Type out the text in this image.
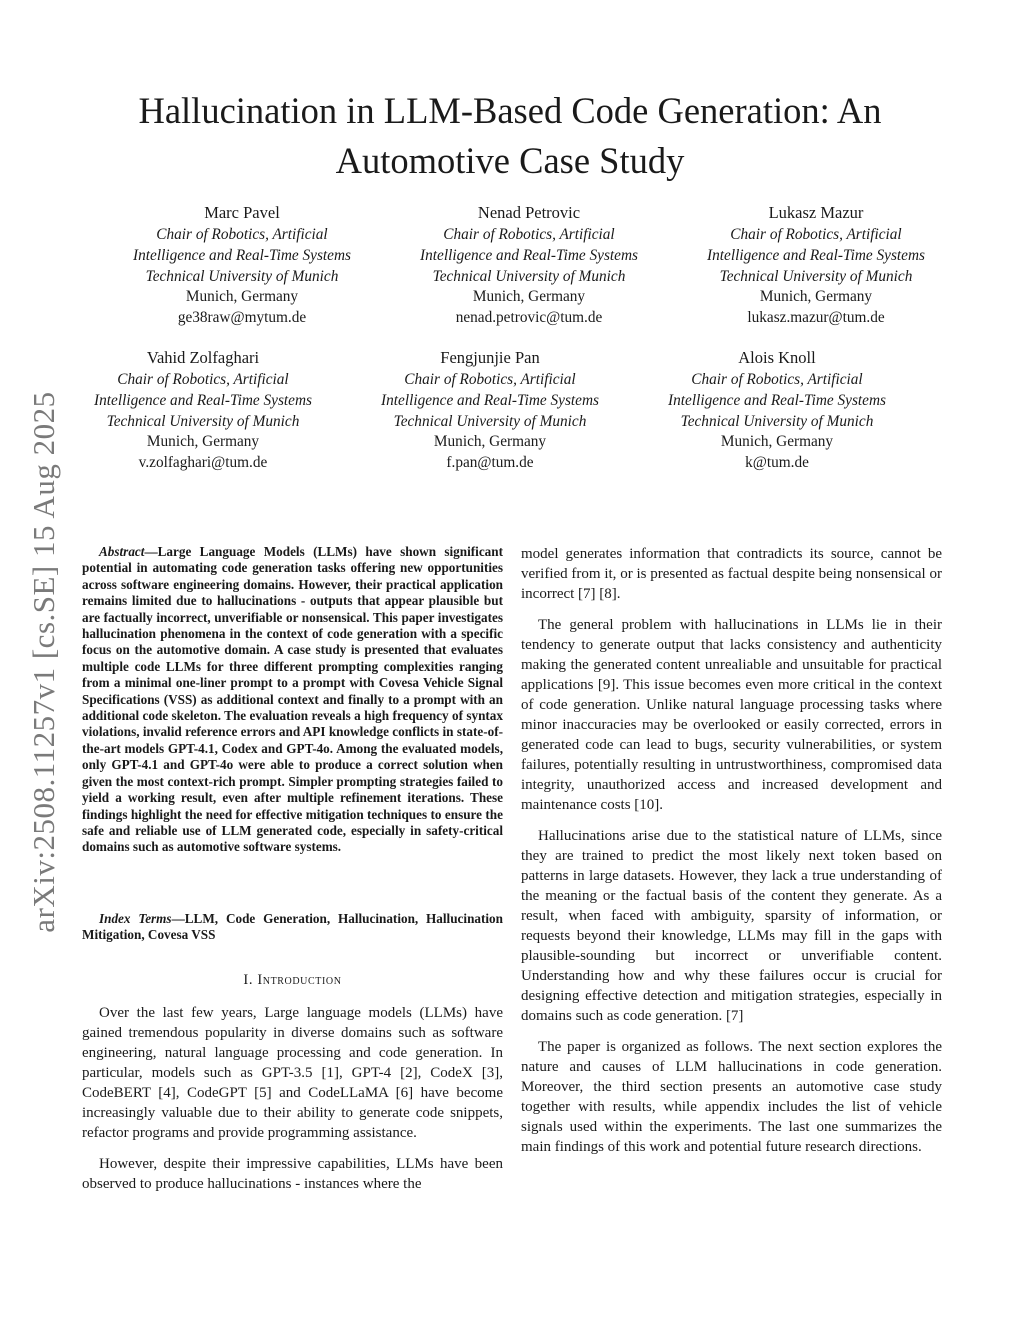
arXiv:2508.11257v1 [cs.SE] 15 Aug 2025
Hallucination in LLM-Based Code Generation: An Automotive Case Study
Marc Pavel
Chair of Robotics, Artificial
Intelligence and Real-Time Systems
Technical University of Munich
Munich, Germany
ge38raw@mytum.de
Nenad Petrovic
Chair of Robotics, Artificial
Intelligence and Real-Time Systems
Technical University of Munich
Munich, Germany
nenad.petrovic@tum.de
Lukasz Mazur
Chair of Robotics, Artificial
Intelligence and Real-Time Systems
Technical University of Munich
Munich, Germany
lukasz.mazur@tum.de
Vahid Zolfaghari
Chair of Robotics, Artificial
Intelligence and Real-Time Systems
Technical University of Munich
Munich, Germany
v.zolfaghari@tum.de
Fengjunjie Pan
Chair of Robotics, Artificial
Intelligence and Real-Time Systems
Technical University of Munich
Munich, Germany
f.pan@tum.de
Alois Knoll
Chair of Robotics, Artificial
Intelligence and Real-Time Systems
Technical University of Munich
Munich, Germany
k@tum.de
Abstract—Large Language Models (LLMs) have shown significant potential in automating code generation tasks offering new opportunities across software engineering domains. However, their practical application remains limited due to hallucinations - outputs that appear plausible but are factually incorrect, unverifiable or nonsensical. This paper investigates hallucination phenomena in the context of code generation with a specific focus on the automotive domain. A case study is presented that evaluates multiple code LLMs for three different prompting complexities ranging from a minimal one-liner prompt to a prompt with Covesa Vehicle Signal Specifications (VSS) as additional context and finally to a prompt with an additional code skeleton. The evaluation reveals a high frequency of syntax violations, invalid reference errors and API knowledge conflicts in state-of-the-art models GPT-4.1, Codex and GPT-4o. Among the evaluated models, only GPT-4.1 and GPT-4o were able to produce a correct solution when given the most context-rich prompt. Simpler prompting strategies failed to yield a working result, even after multiple refinement iterations. These findings highlight the need for effective mitigation techniques to ensure the safe and reliable use of LLM generated code, especially in safety-critical domains such as automotive software systems.
Index Terms—LLM, Code Generation, Hallucination, Hallucination Mitigation, Covesa VSS
I. Introduction

Over the last few years, Large language models (LLMs) have gained tremendous popularity in diverse domains such as software engineering, natural language processing and code generation. In particular, models such as GPT-3.5 [1], GPT-4 [2], CodeX [3], CodeBERT [4], CodeGPT [5] and CodeLLaMA [6] have become increasingly valuable due to their ability to generate code snippets, refactor programs and provide programming assistance.

However, despite their impressive capabilities, LLMs have been observed to produce hallucinations - instances where the

model generates information that contradicts its source, cannot be verified from it, or is presented as factual despite being nonsensical or incorrect [7] [8].

The general problem with hallucinations in LLMs lie in their tendency to generate output that lacks consistency and authenticity making the generated content unrealiable and unsuitable for practical applications [9]. This issue becomes even more critical in the context of code generation. Unlike natural language processing tasks where minor inaccuracies may be overlooked or easily corrected, errors in generated code can lead to bugs, security vulnerabilities, or system failures, potentially resulting in untrustworthiness, compromised data integrity, unauthorized access and increased development and maintenance costs [10].

Hallucinations arise due to the statistical nature of LLMs, since they are trained to predict the most likely next token based on patterns in large datasets. However, they lack a true understanding of the meaning or the factual basis of the content they generate. As a result, when faced with ambiguity, sparsity of information, or requests beyond their knowledge, LLMs may fill in the gaps with plausible-sounding but incorrect or unverifiable content. Understanding how and why these failures occur is crucial for designing effective detection and mitigation strategies, especially in domains such as code generation. [7]

The paper is organized as follows. The next section explores the nature and causes of LLM hallucinations in code generation. Moreover, the third section presents an automotive case study together with results, while appendix includes the list of vehicle signals used within the experiments. The last one summarizes the main findings of this work and potential future research directions.
